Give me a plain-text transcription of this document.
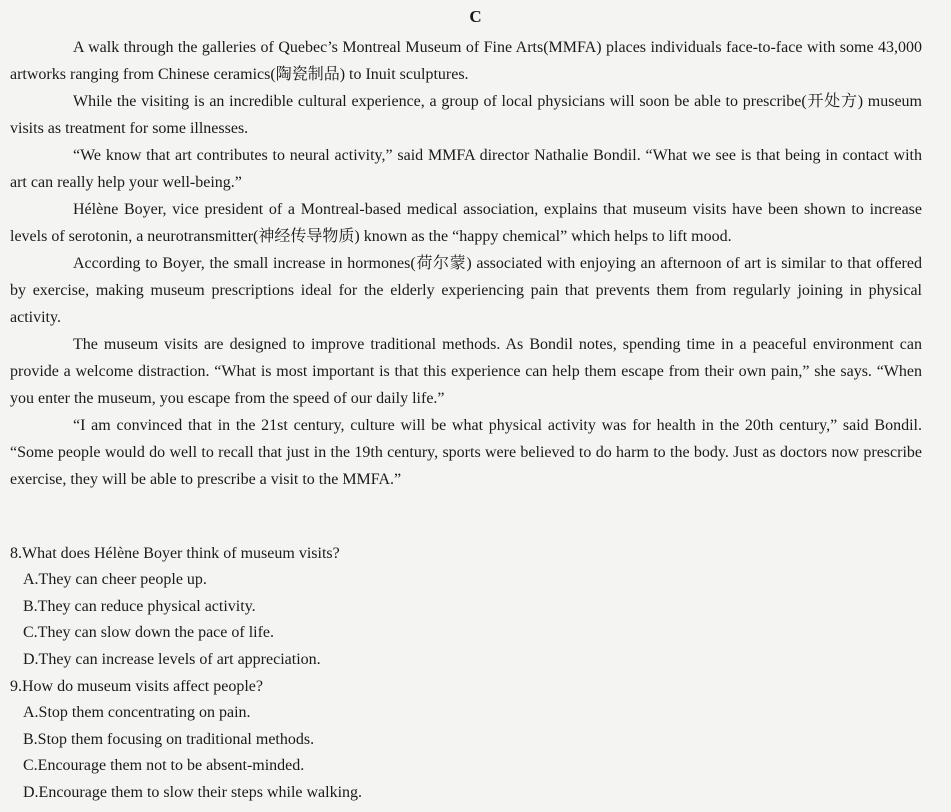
C

A walk through the galleries of Quebec’s Montreal Museum of Fine Arts(MMFA) places individuals face-to-face with some 43,000 artworks ranging from Chinese ceramics(陶瓷制品) to Inuit sculptures.

While the visiting is an incredible cultural experience, a group of local physicians will soon be able to prescribe(开处方) museum visits as treatment for some illnesses.

“We know that art contributes to neural activity,” said MMFA director Nathalie Bondil. “What we see is that being in contact with art can really help your well-being.”

Hélène Boyer, vice president of a Montreal-based medical association, explains that museum visits have been shown to increase levels of serotonin, a neurotransmitter(神经传导物质) known as the “happy chemical” which helps to lift mood.

According to Boyer, the small increase in hormones(荷尔蒙) associated with enjoying an afternoon of art is similar to that offered by exercise, making museum prescriptions ideal for the elderly experiencing pain that prevents them from regularly joining in physical activity.

The museum visits are designed to improve traditional methods. As Bondil notes, spending time in a peaceful environment can provide a welcome distraction. “What is most important is that this experience can help them escape from their own pain,” she says. “When you enter the museum, you escape from the speed of our daily life.”

“I am convinced that in the 21st century, culture will be what physical activity was for health in the 20th century,” said Bondil. “Some people would do well to recall that just in the 19th century, sports were believed to do harm to the body. Just as doctors now prescribe exercise, they will be able to prescribe a visit to the MMFA.”

8.What does Hélène Boyer think of museum visits?

A.They can cheer people up.

B.They can reduce physical activity.

C.They can slow down the pace of life.

D.They can increase levels of art appreciation.

9.How do museum visits affect people?

A.Stop them concentrating on pain.

B.Stop them focusing on traditional methods.

C.Encourage them not to be absent-minded.

D.Encourage them to slow their steps while walking.
